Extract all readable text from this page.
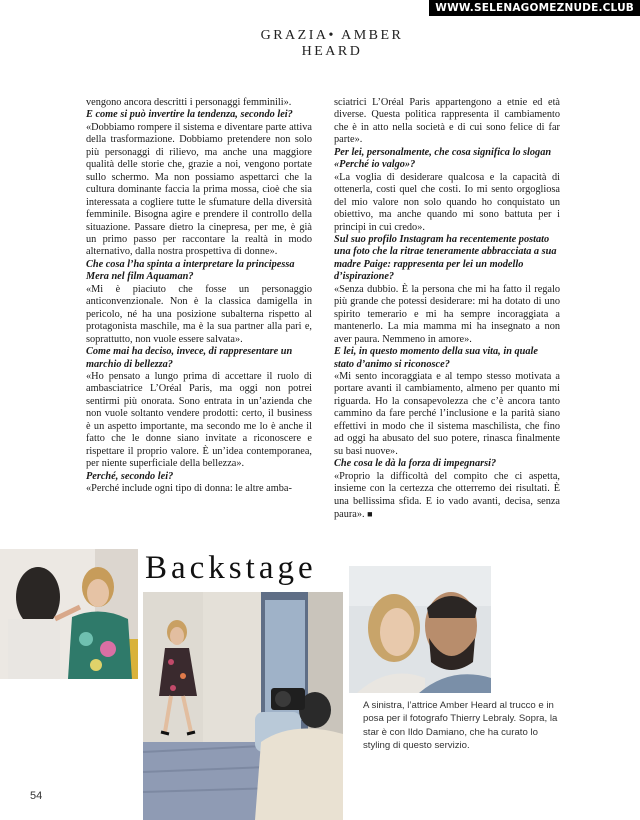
WWW.SELENAGOMEZNUDE.CLUB
GRAZIA• AMBER HEARD

vengono ancora descritti i personaggi femminili».

E come si può invertire la tendenza, secondo lei?

«Dobbiamo rompere il sistema e diventare parte attiva della trasformazione. Dobbiamo pretendere non solo più personaggi di rilievo, ma anche una maggiore qualità delle storie che, grazie a noi, vengono portate sullo schermo. Ma non possiamo aspettarci che la cultura dominante faccia la prima mossa, cioè che sia interessata a cogliere tutte le sfumature della diversità femminile. Bisogna agire e prendere il controllo della situazione. Passare dietro la cinepresa, per me, è già un primo passo per raccontare la realtà in modo alternativo, dalla nostra prospettiva di donne».

Che cosa l’ha spinta a interpretare la principessa Mera nel film Aquaman?

«Mi è piaciuto che fosse un personaggio anticonvenzionale. Non è la classica damigella in pericolo, né ha una posizione subalterna rispetto al protagonista maschile, ma è la sua partner alla pari e, soprattutto, non vuole essere salvata».

Come mai ha deciso, invece, di rappresentare un marchio di bellezza?

«Ho pensato a lungo prima di accettare il ruolo di ambasciatrice L’Oréal Paris, ma oggi non potrei sentirmi più onorata. Sono entrata in un’azienda che non vuole soltanto vendere prodotti: certo, il business è un aspetto importante, ma secondo me lo è anche il fatto che le donne siano invitate a riconoscere e rispettare il proprio valore. È un’idea contemporanea, per niente superficiale della bellezza».

Perché, secondo lei?

«Perché include ogni tipo di donna: le altre amba-

sciatrici L’Oréal Paris appartengono a etnie ed età diverse. Questa politica rappresenta il cambiamento che è in atto nella società e di cui sono felice di far parte».

Per lei, personalmente, che cosa significa lo slogan «Perché io valgo»?

«La voglia di desiderare qualcosa e la capacità di ottenerla, costi quel che costi. Io mi sento orgogliosa del mio valore non solo quando ho conquistato un obiettivo, ma anche quando mi sono battuta per i principi in cui credo».

Sul suo profilo Instagram ha recentemente postato una foto che la ritrae teneramente abbracciata a sua madre Paige: rappresenta per lei un modello d’ispirazione?

«Senza dubbio. È la persona che mi ha fatto il regalo più grande che potessi desiderare: mi ha dotato di uno spirito temerario e mi ha sempre incoraggiata a mantenerlo. La mia mamma mi ha insegnato a non aver paura. Nemmeno in amore».

E lei, in questo momento della sua vita, in quale stato d’animo si riconosce?

«Mi sento incoraggiata e al tempo stesso motivata a portare avanti il cambiamento, almeno per quanto mi riguarda. Ho la consapevolezza che c’è ancora tanto cammino da fare perché l’inclusione e la parità siano effettivi in modo che il sistema maschilista, che fino ad oggi ha abusato del suo potere, rinasca finalmente su basi nuove».

Che cosa le dà la forza di impegnarsi?

«Proprio la difficoltà del compito che ci aspetta, insieme con la certezza che otterremo dei risultati. È una bellissima sfida. E io vado avanti, decisa, senza paura». ■

Backstage
A sinistra, l’attrice Amber Heard al trucco e in posa per il fotografo Thierry Lebraly. Sopra, la star è con Ildo Damiano, che ha curato lo styling di questo servizio.
54
